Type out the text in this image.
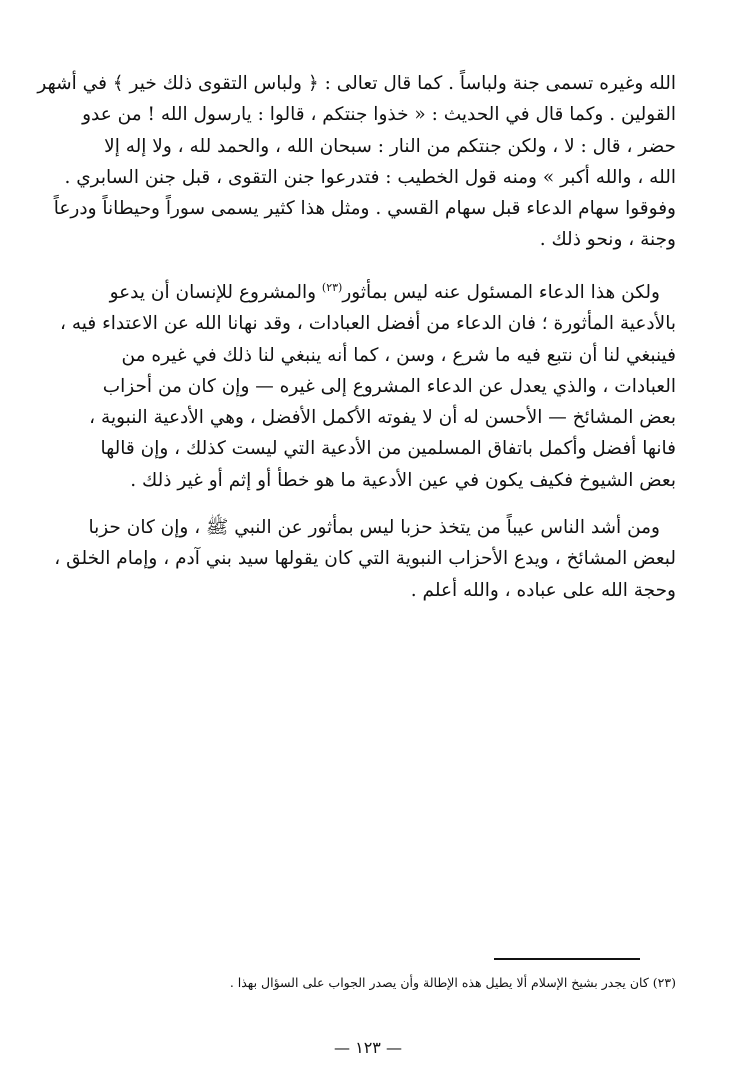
الله وغيره تسمى جنة ولباساً . كما قال تعالى : ﴿ ولباس التقوى ذلك خير ﴾ في أشهر
القولين . وكما قال في الحديث : « خذوا جنتكم ، قالوا : يارسول الله ! من عدو
حضر ، قال : لا ، ولكن جنتكم من النار : سبحان الله ، والحمد لله ، ولا إله إلا
الله ، والله أكبر » ومنه قول الخطيب : فتدرعوا جنن التقوى ، قبل جنن السابري .
وفوقوا سهام الدعاء قبل سهام القسي . ومثل هذا كثير يسمى سوراً وحيطاناً ودرعاً
وجنة ، ونحو ذلك .

ولكن هذا الدعاء المسئول عنه ليس بمأثور$^{(٢٣)}$ والمشروع للإنسان أن يدعو
بالأدعية المأثورة ؛ فان الدعاء من أفضل العبادات ، وقد نهانا الله عن الاعتداء فيه ،
فينبغي لنا أن نتبع فيه ما شرع ، وسن ، كما أنه ينبغي لنا ذلك في غيره من
العبادات ، والذي يعدل عن الدعاء المشروع إلى غيره — وإن كان من أحزاب
بعض المشائخ — الأحسن له أن لا يفوته الأكمل الأفضل ، وهي الأدعية النبوية ،
فانها أفضل وأكمل باتفاق المسلمين من الأدعية التي ليست كذلك ، وإن قالها
بعض الشيوخ فكيف يكون في عين الأدعية ما هو خطأ أو إثم أو غير ذلك .

ومن أشد الناس عيباً من يتخذ حزبا ليس بمأثور عن النبي ﷺ ، وإن كان حزبا
لبعض المشائخ ، ويدع الأحزاب النبوية التي كان يقولها سيد بني آدم ، وإمام الخلق ،
وحجة الله على عباده ، والله أعلم .

(٢٣) كان يجدر بشيخ الإسلام ألا يطيل هذه الإطالة وأن يصدر الجواب على السؤال بهذا .
— ١٢٣ —
